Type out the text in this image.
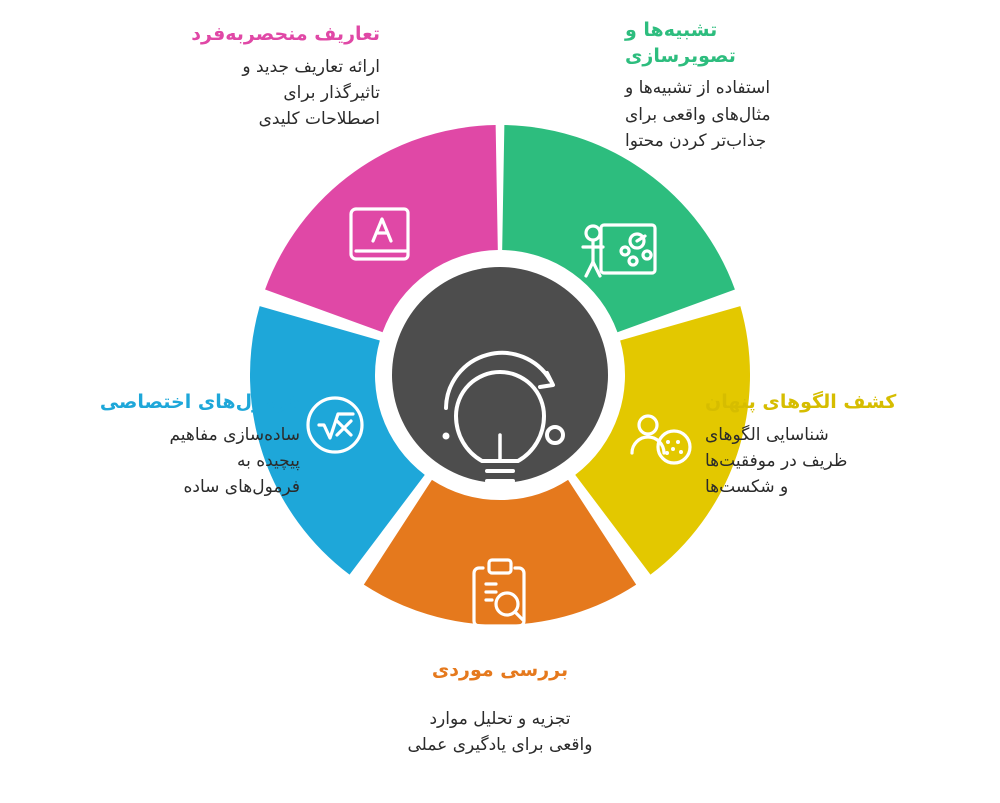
تشبیه‌ها و
تصویرسازی
استفاده از تشبیه‌ها و
مثال‌های واقعی برای
جذاب‌تر کردن محتوا
تعاریف منحصربه‌فرد
ارائه تعاریف جدید و
تاثیرگذار برای
اصطلاحات کلیدی
کشف الگوهای پنهان
شناسایی الگوهای
ظریف در موفقیت‌ها
و شکست‌ها
فرمول‌های اختصاصی
ساده‌سازی مفاهیم
پیچیده به
فرمول‌های ساده
بررسی موردی
تجزیه و تحلیل موارد
واقعی برای یادگیری عملی
